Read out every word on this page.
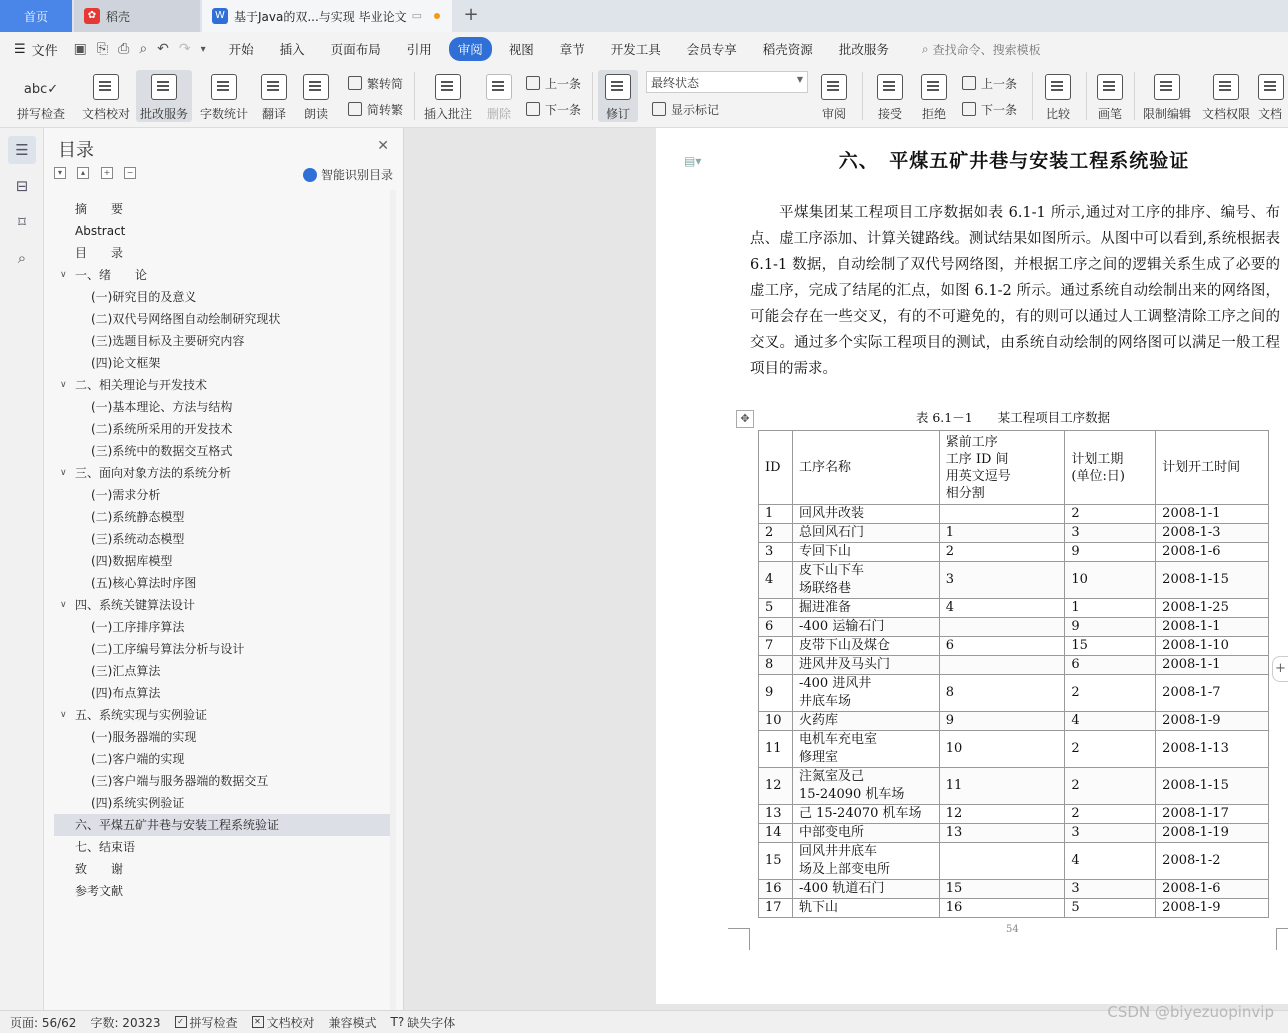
首页	✿ 稻壳	W 基于Java的双...与实现 毕业论文 ▭ +
☰ 文件 ▣ ⎘ ⎙ ⌕ ↶ ↷ ▾	开始	插入	页面布局	引用	审阅	视图	章节	开发工具	会员专享	稻壳资源	批改服务	⌕ 查找命令、搜索模板
abc✓
拼写检查 文档校对 批改服务 字数统计 翻译 朗读
繁转简
简转繁 插入批注 删除
上一条
下一条 修订
最终状态	▼
显示标记	审阅	接受 拒绝
上一条
下一条 比较 画笔 限制编辑 文档权限 文档
☰
⊟
⌑
⌕
目录	✕
▾	▴	+	−	智能识别目录
摘　　要
Abstract
目　　录
∨ 一、绪　　论
(一)研究目的及意义
(二)双代号网络图自动绘制研究现状
(三)选题目标及主要研究内容
(四)论文框架
∨ 二、相关理论与开发技术
(一)基本理论、方法与结构
(二)系统所采用的开发技术
(三)系统中的数据交互格式
∨ 三、面向对象方法的系统分析
(一)需求分析
(二)系统静态模型
(三)系统动态模型
(四)数据库模型
(五)核心算法时序图
∨ 四、系统关键算法设计
(一)工序排序算法
(二)工序编号算法分析与设计
(三)汇点算法
(四)布点算法
∨ 五、系统实现与实例验证
(一)服务器端的实现
(二)客户端的实现
(三)客户端与服务器端的数据交互
(四)系统实例验证
六、平煤五矿井巷与安装工程系统验证
七、结束语
致　　谢
参考文献
▤▾	六、　平煤五矿井巷与安装工程系统验证
平煤集团某工程项目工序数据如表 6.1-1 所示,通过对工序的排序、编号、布点、虚工序添加、计算关键路线。测试结果如图所示。从图中可以看到,系统根据表 6.1-1 数据，自动绘制了双代号网络图，并根据工序之间的逻辑关系生成了必要的虚工序，完成了结尾的汇点，如图 6.1-2 所示。通过系统自动绘制出来的网络图，可能会存在一些交叉，有的不可避免的，有的则可以通过人工调整清除工序之间的交叉。通过多个实际工程项目的测试，由系统自动绘制的网络图可以满足一般工程项目的需求。
✥	表 6.1－1　　某工程项目工序数据
ID	工序名称	紧前工序
工序 ID 间
用英文逗号
相分割	计划工期
(单位:日)	计划开工时间
1	回风井改装		2	2008-1-1
2	总回风石门	1	3	2008-1-3
3	专回下山	2	9	2008-1-6
4	皮下山下车
场联络巷	3	10	2008-1-15
5	掘进准备	4	1	2008-1-25
6	-400 运输石门		9	2008-1-1
7	皮带下山及煤仓	6	15	2008-1-10
8	进风井及马头门		6	2008-1-1
9	-400 进风井
井底车场	8	2	2008-1-7
10	火药库	9	4	2008-1-9
11	电机车充电室
修理室	10	2	2008-1-13
12	注氮室及己
15-24090 机车场	11	2	2008-1-15
13	己 15-24070 机车场	12	2	2008-1-17
14	中部变电所	13	3	2008-1-19
15	回风井井底车
场及上部变电所		4	2008-1-2
16	-400 轨道石门	15	3	2008-1-6
17	轨下山	16	5	2008-1-9
54
+
页面: 56/62 字数: 20323	✓ 拼写检查	✕ 文档校对 兼容模式 T? 缺失字体
CSDN @biyezuopinvip
